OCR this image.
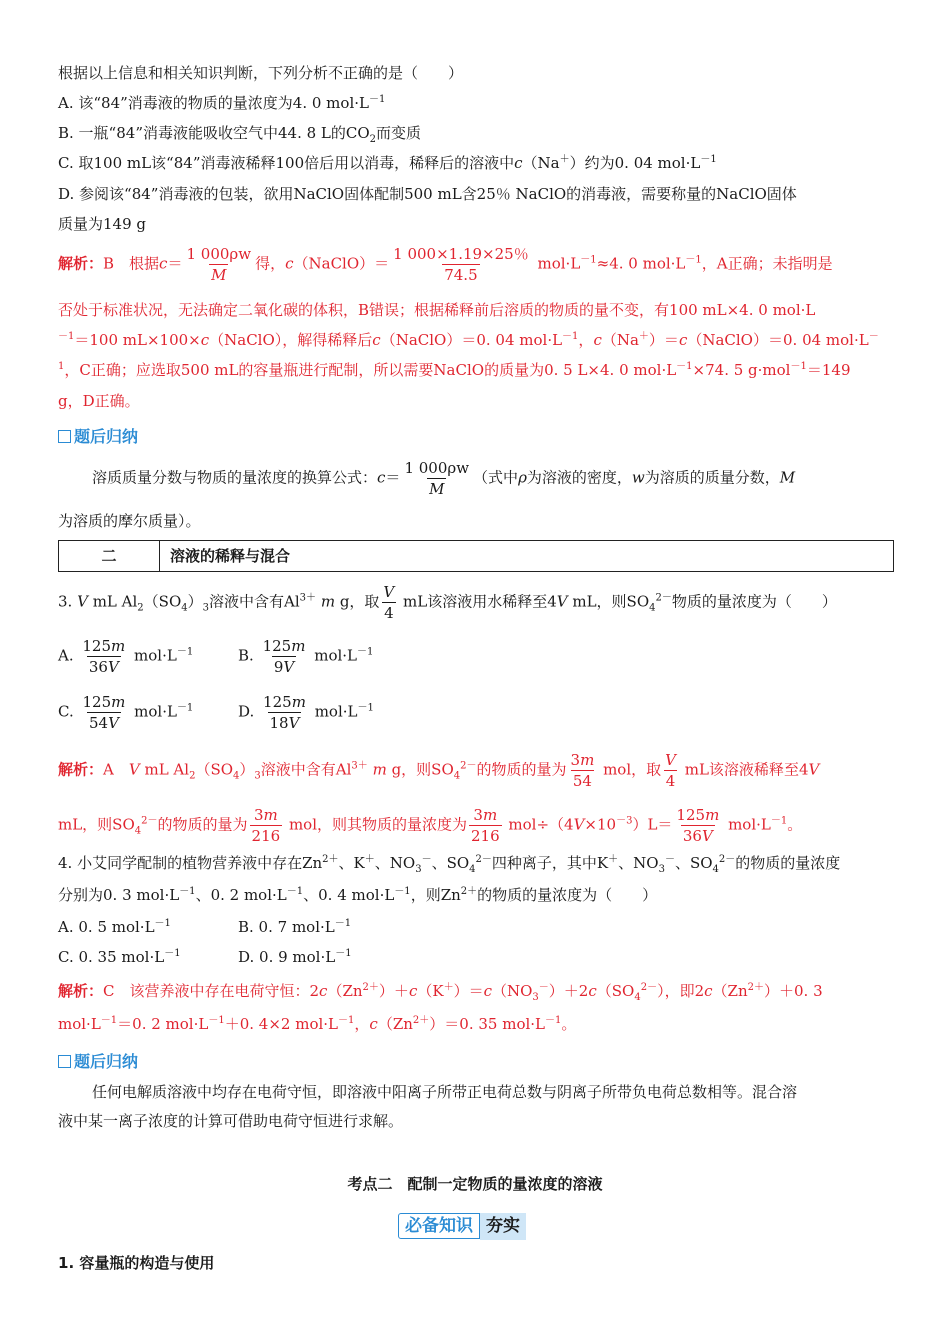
根据以上信息和相关知识判断，下列分析不正确的是（　　）
A. 该“84”消毒液的物质的量浓度为4. 0 $mol\cdot L^{-1}$
B. 一瓶“84”消毒液能吸收空气中44. 8 L的$CO_2$而变质
C. 取100 mL该“84”消毒液稀释100倍后用以消毒，稀释后的溶液中c（Na＋）约为0. 04 $mol\cdot L^{-1}$
D. 参阅该“84”消毒液的包装，欲用NaClO固体配制500 mL含25％ NaClO的消毒液，需要称量的NaClO固体
质量为149 g
解析：B　根据$c= \frac{1 000\rho w}{M}$ 得，c（NaClO）＝ $\frac{1 000\times 1.19\times 25\%}{74.5} mol\cdot L^{-1}\approx 4$. 0 $mol\cdot L^{-1}$，A正确；未指明是
否处于标准状况，无法确定二氧化碳的体积，B错误；根据稀释前后溶质的物质的量不变，有100 mL×4. 0 mol·L
$^{-1}$＝100 mL×100×c（NaClO），解得稀释后c（NaClO）＝0. 04 $mol\cdot L^{-1}$，c（Na＋）＝c（NaClO）＝0. 04 mol·L－
$^1$，C正确；应选取500 mL的容量瓶进行配制，所以需要NaClO的质量为0. 5 L×4. 0 $mol\cdot L^{-1}\times 74$. 5 g·mol$^{-1}$＝149
g，D正确。
题后归纳
溶质质量分数与物质的量浓度的换算公式：$c= \frac{1 000\rho w}{M}$ （式中ρ为溶液的密度，w为溶质的质量分数，M
为溶质的摩尔质量）。
二	溶液的稀释与混合
3. V mL $Al_2(SO_4)_3$溶液中含有$Al^{3+}$ m g，取 $\frac{V}{4}$ mL该溶液用水稀释至4V mL，则$SO_4^{2-}$物质的量浓度为（　　）
A. $\frac{125m}{36V} mol\cdot L^{-1}$	B. $\frac{125m}{9V} mol\cdot L^{-1}$
C. $\frac{125m}{54V} mol\cdot L^{-1}$	D. $\frac{125m}{18V} mol\cdot L^{-1}$
解析：A　V mL $Al_2(SO_4)_3$溶液中含有$Al^{3+}$ m g，则$SO_4^{2-}$的物质的量为 $\frac{3m}{54}$ mol，取 $\frac{V}{4}$ mL该溶液稀释至4V
mL，则$SO_4^{2-}$的物质的量为 $\frac{3m}{216}$ mol，则其物质的量浓度为 $\frac{3m}{216} mol\div(4V\times 10^{-3})L= \frac{125m}{36V} mol\cdot L^{-1}$。
4. 小艾同学配制的植物营养液中存在$Zn^{2+}$、K＋、$NO_3^-$、$SO_4^{2-}$四种离子，其中K＋、$NO_3^-$、$SO_4^{2-}$的物质的量浓度
分别为0. 3 $mol\cdot L^{-1}$、0. 2 $mol\cdot L^{-1}$、0. 4 $mol\cdot L^{-1}$，则$Zn^{2+}$的物质的量浓度为（　　）
A. 0. 5 $mol\cdot L^{-1}$	B. 0. 7 $mol\cdot L^{-1}$
C. 0. 35 $mol\cdot L^{-1}$	D. 0. 9 $mol\cdot L^{-1}$
解析：C　该营养液中存在电荷守恒：$2c(Zn^{2+})+c(K^+)=c(NO_3^-)+2c(SO_4^{2-})$，即$2c(Zn^{2+})+0$. 3
$mol\cdot L^{-1}=0$. 2 $mol\cdot L^{-1}+0$. 4×2 $mol\cdot L^{-1}$，$c(Zn^{2+})=0$. 35 $mol\cdot L^{-1}$。
题后归纳
任何电解质溶液中均存在电荷守恒，即溶液中阳离子所带正电荷总数与阴离子所带负电荷总数相等。混合溶
液中某一离子浓度的计算可借助电荷守恒进行求解。
考点二　配制一定物质的量浓度的溶液
必备知识 夯实
1. 容量瓶的构造与使用
